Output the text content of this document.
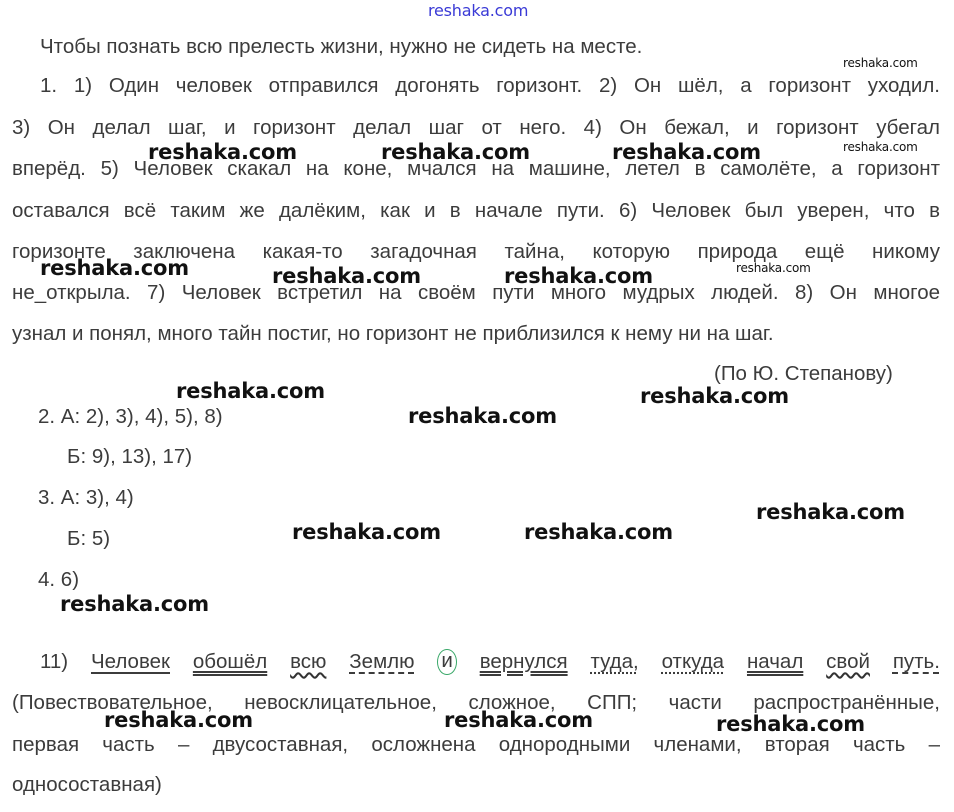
reshaka.com
Чтобы познать всю прелесть жизни, нужно не сидеть на месте.
1. 1) Один человек отправился догонять горизонт. 2) Он шёл, а горизонт уходил.
3) Он делал шаг, и горизонт делал шаг от него. 4) Он бежал, и горизонт убегал
вперёд. 5) Человек скакал на коне, мчался на машине, летел в самолёте, а горизонт
оставался всё таким же далёким, как и в начале пути. 6) Человек был уверен, что в
горизонте заключена какая-то загадочная тайна, которую природа ещё никому
не_открыла. 7) Человек встретил на своём пути много мудрых людей. 8) Он многое
узнал и понял, много тайн постиг, но горизонт не приблизился к нему ни на шаг.
(По Ю. Степанову)
2. А: 2), 3), 4), 5), 8)
Б: 9), 13), 17)
3. А: 3), 4)
Б: 5)
4. 6)
11) Человек обошёл всю Землю и вернулся туда, откуда начал свой путь.
(Повествовательное, невосклицательное, сложное, СПП; части распространённые,
первая часть – двусоставная, осложнена однородными членами, вторая часть –
односоставная)
reshaka.com	reshaka.com	reshaka.com
reshaka.com
reshaka.com
reshaka.com	reshaka.com	reshaka.com	reshaka.com
reshaka.com
reshaka.com
reshaka.com
reshaka.com
reshaka.com	reshaka.com
reshaka.com
reshaka.com	reshaka.com	reshaka.com
